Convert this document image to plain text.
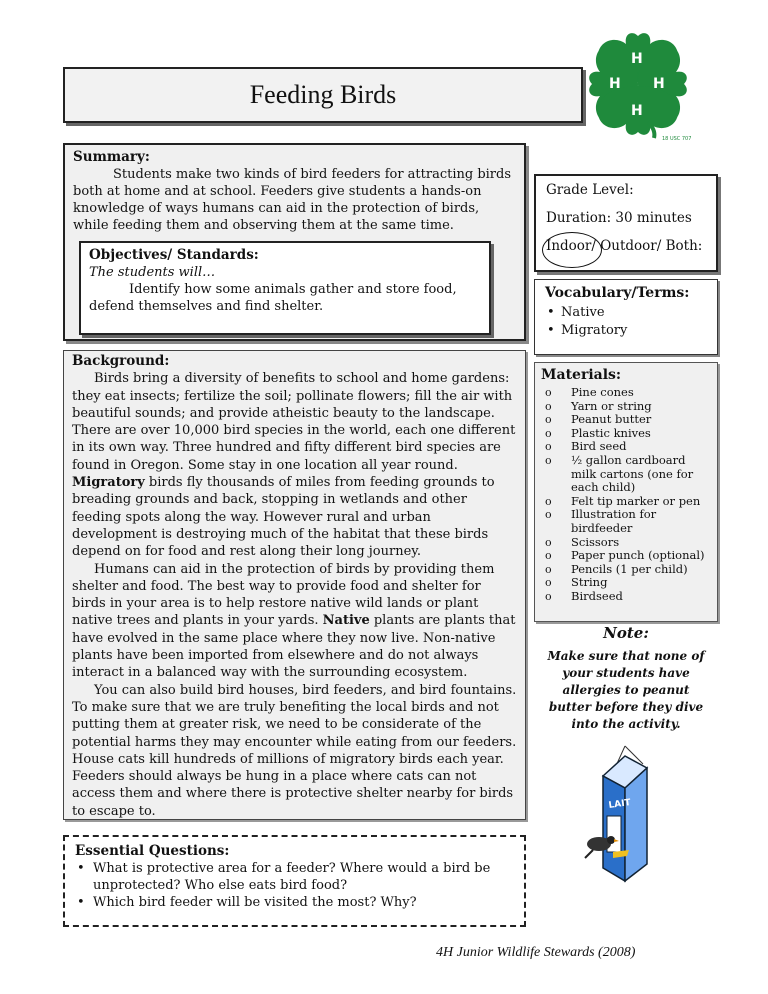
Feeding Birds
H
H H
H
18 USC 707
Summary:

Students make two kinds of bird feeders for attracting birds both at home and at school. Feeders give students a hands-on knowledge of ways humans can aid in the protection of birds, while feeding them and observing them at the same time.

Objectives/ Standards:
The students will…
Identify how some animals gather and store food, defend themselves and find shelter.
Grade Level:
Duration: 30 minutes
Indoor/ Outdoor/ Both:
Vocabulary/Terms:
• Native
• Migratory
Background:

Birds bring a diversity of benefits to school and home gardens: they eat insects; fertilize the soil; pollinate flowers; fill the air with beautiful sounds; and provide atheistic beauty to the landscape. There are over 10,000 bird species in the world, each one different in its own way. Three hundred and fifty different bird species are found in Oregon. Some stay in one location all year round. Migratory birds fly thousands of miles from feeding grounds to breading grounds and back, stopping in wetlands and other feeding spots along the way. However rural and urban development is destroying much of the habitat that these birds depend on for food and rest along their long journey.

Humans can aid in the protection of birds by providing them shelter and food. The best way to provide food and shelter for birds in your area is to help restore native wild lands or plant native trees and plants in your yards. Native plants are plants that have evolved in the same place where they now live. Non-native plants have been imported from elsewhere and do not always interact in a balanced way with the surrounding ecosystem.

You can also build bird houses, bird feeders, and bird fountains. To make sure that we are truly benefiting the local birds and not putting them at greater risk, we need to be considerate of the potential harms they may encounter while eating from our feeders. House cats kill hundreds of millions of migratory birds each year. Feeders should always be hung in a place where cats can not access them and where there is protective shelter nearby for birds to escape to.

Materials:
o Pine cones
o Yarn or string
o Peanut butter
o Plastic knives
o Bird seed
o ½ gallon cardboard milk cartons (one for each child)
o Felt tip marker or pen
o Illustration for birdfeeder
o Scissors
o Paper punch (optional)
o Pencils (1 per child)
o String
o Birdseed
Note:
Make sure that none of your students have allergies to peanut butter before they dive into the activity.
LAIT
Essential Questions:
• What is protective area for a feeder? Where would a bird be unprotected? Who else eats bird food?
• Which bird feeder will be visited the most? Why?
4H Junior Wildlife Stewards (2008)
